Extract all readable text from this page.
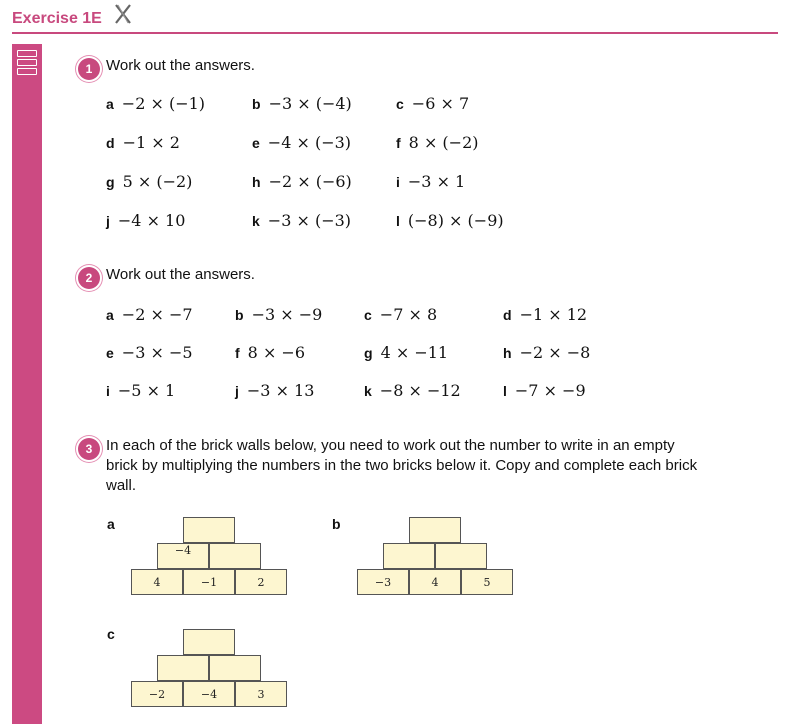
Exercise 1E
1 Work out the answers.
a −2 × (−1)	b −3 × (−4)	c −6 × 7
d −1 × 2	e −4 × (−3)	f 8 × (−2)
g 5 × (−2)	h −2 × (−6)	i −3 × 1
j −4 × 10	k −3 × (−3)	l (−8) × (−9)
2 Work out the answers.
a −2 × −7	b −3 × −9	c −7 × 8	d −1 × 12
e −3 × −5	f 8 × −6	g 4 × −11	h −2 × −8
i −5 × 1	j −3 × 13	k −8 × −12	l −7 × −9
3 In each of the brick walls below, you need to work out the number to write in an empty
brick by multiplying the numbers in the two bricks below it. Copy and complete each brick
wall.
a
4	−1	2
−4
b
−3	4	5
c
−2	−4	3
